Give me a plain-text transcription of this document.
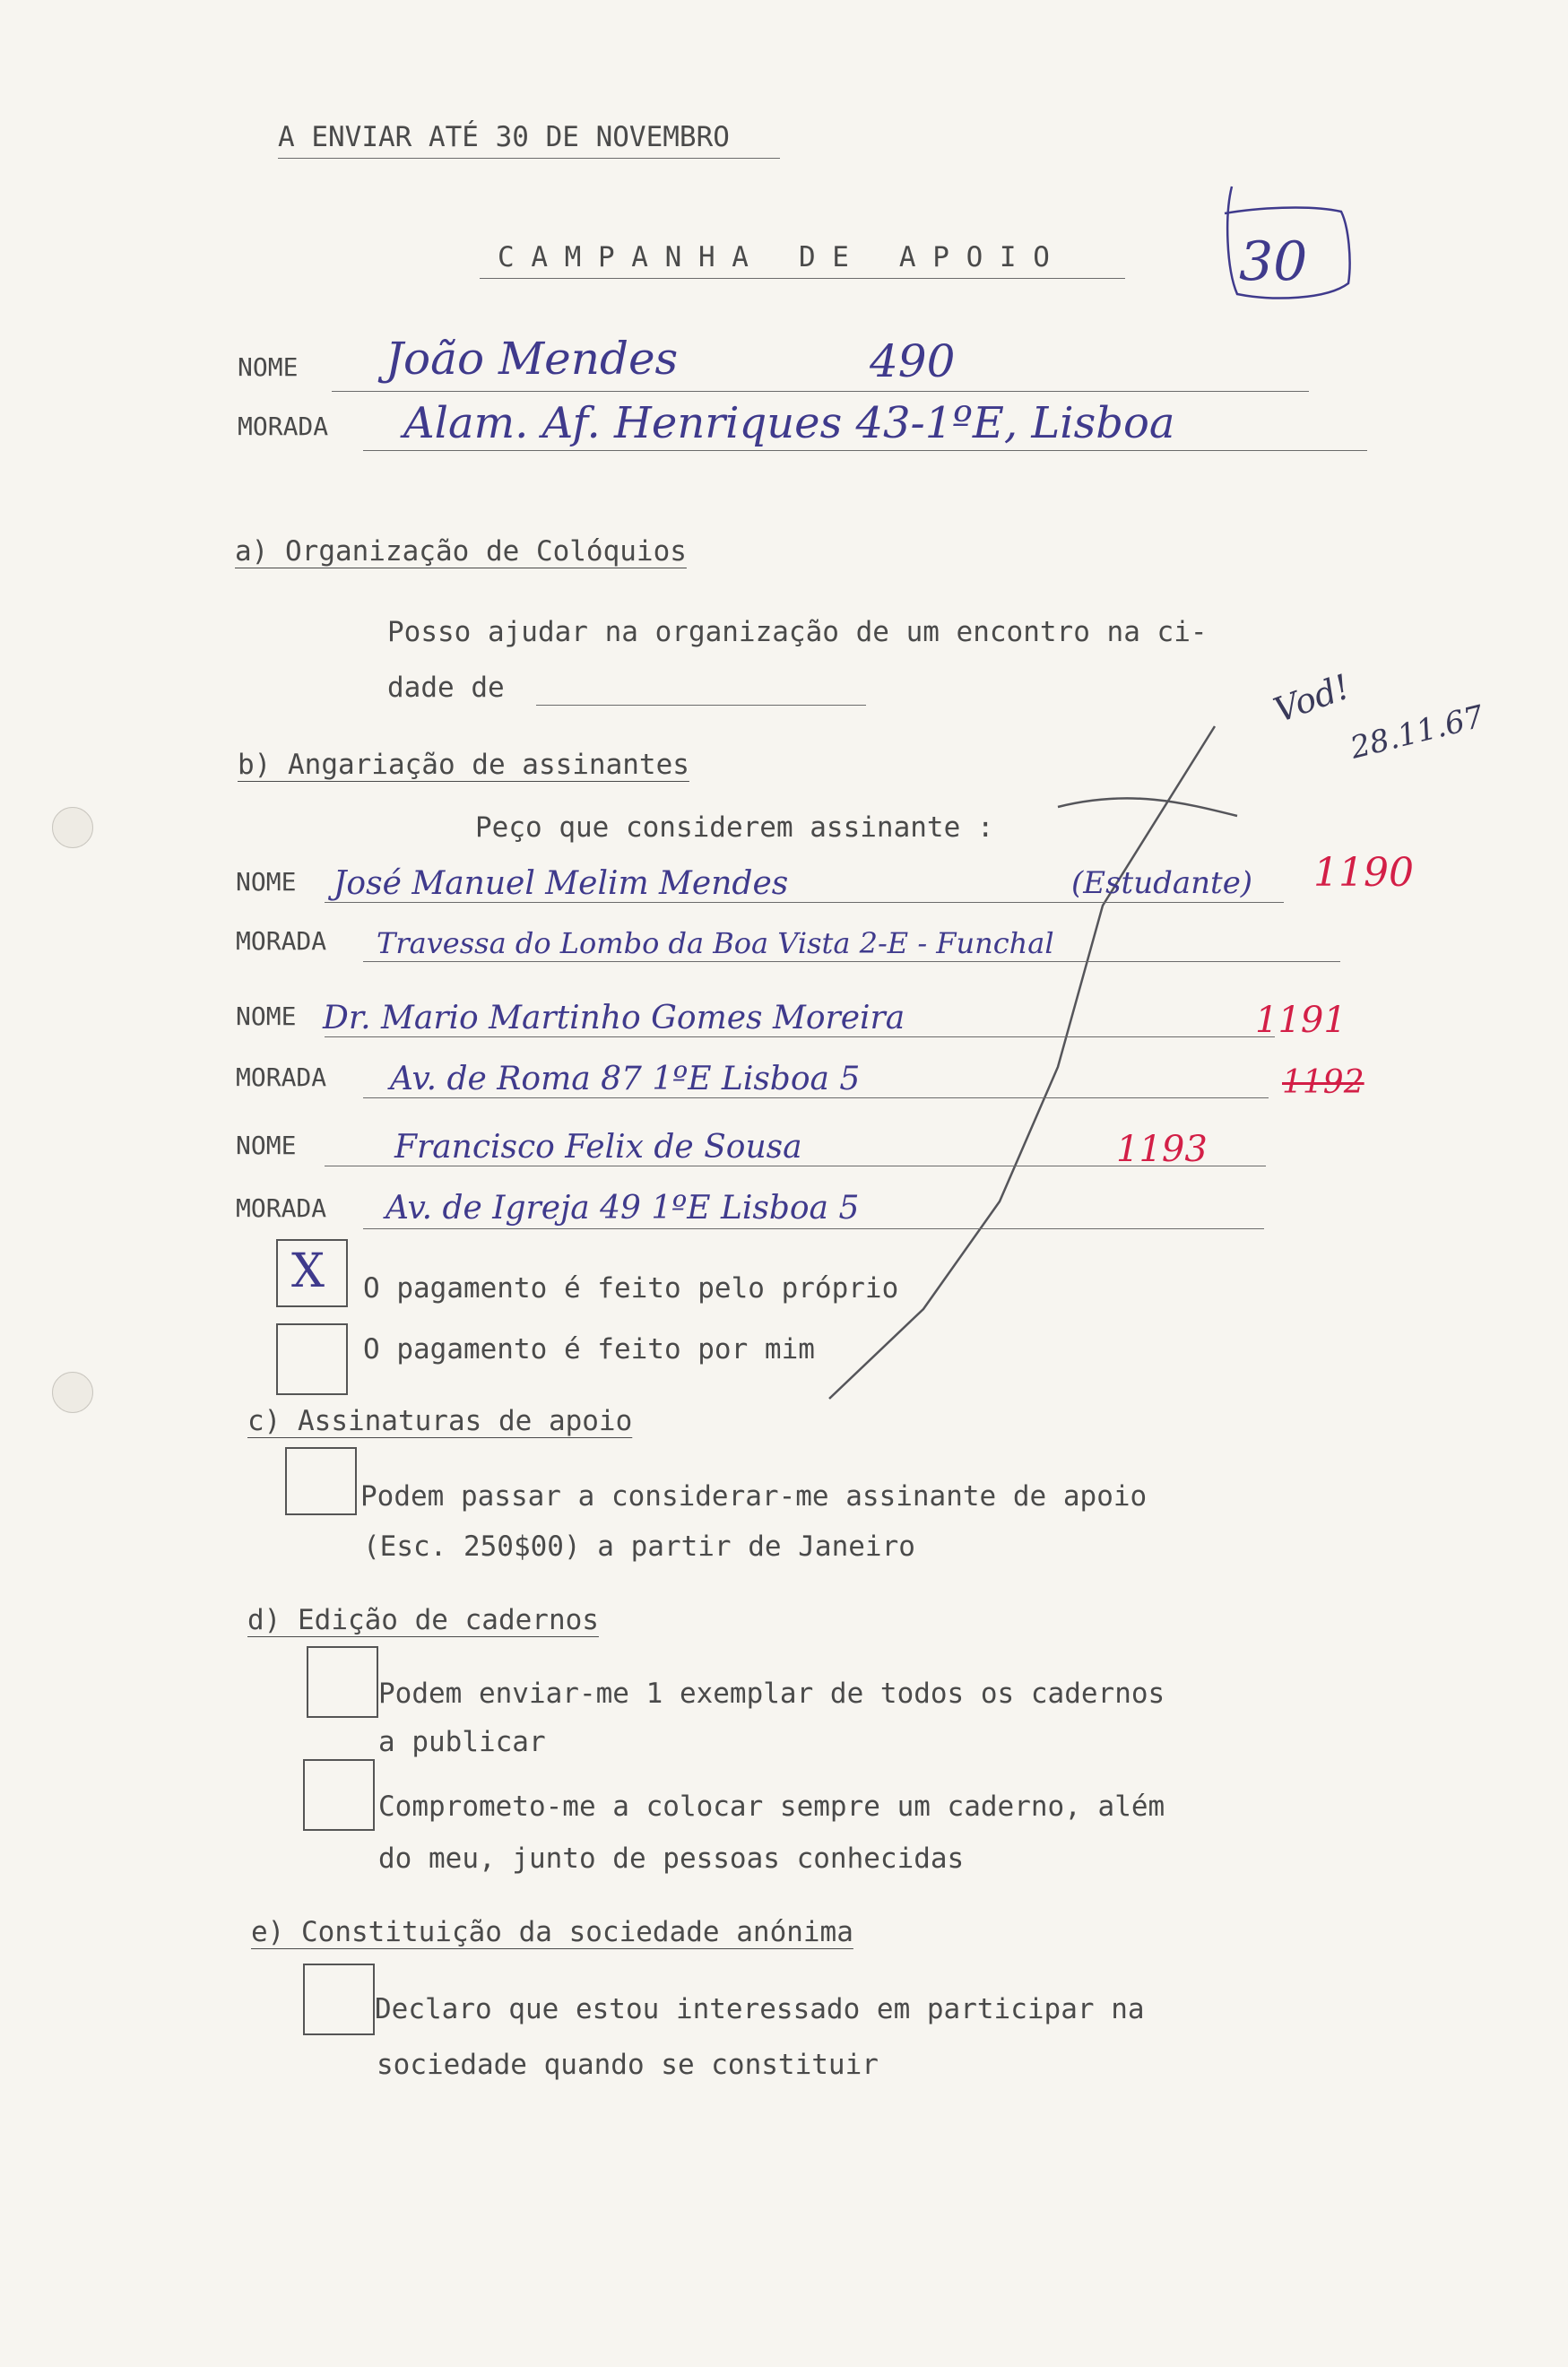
A ENVIAR ATÉ 30 DE NOVEMBRO
C A M P A N H A   D E   A P O I O	30
NOME João Mendes	490
MORADA Alam. Af. Henriques 43-1ºE, Lisboa
Vod!
28.11.67
a) Organização de Colóquios
Posso ajudar na organização de um encontro na ci-
dade de
b) Angariação de assinantes
Peço que considerem assinante :
NOME José Manuel Melim Mendes	(Estudante) 1190
MORADA Travessa do Lombo da Boa Vista 2-E - Funchal
NOME Dr. Mario Martinho Gomes Moreira	1191
MORADA Av. de Roma 87 1ºE Lisboa 5	1192
NOME	Francisco Felix de Sousa	1193
MORADA Av. de Igreja 49 1ºE Lisboa 5
X O pagamento é feito pelo próprio
O pagamento é feito por mim
c) Assinaturas de apoio
Podem passar a considerar-me assinante de apoio
(Esc. 250$00) a partir de Janeiro
d) Edição de cadernos
Podem enviar-me 1 exemplar de todos os cadernos
a publicar
Comprometo-me a colocar sempre um caderno, além
do meu, junto de pessoas conhecidas
e) Constituição da sociedade anónima
Declaro que estou interessado em participar na
sociedade quando se constituir
